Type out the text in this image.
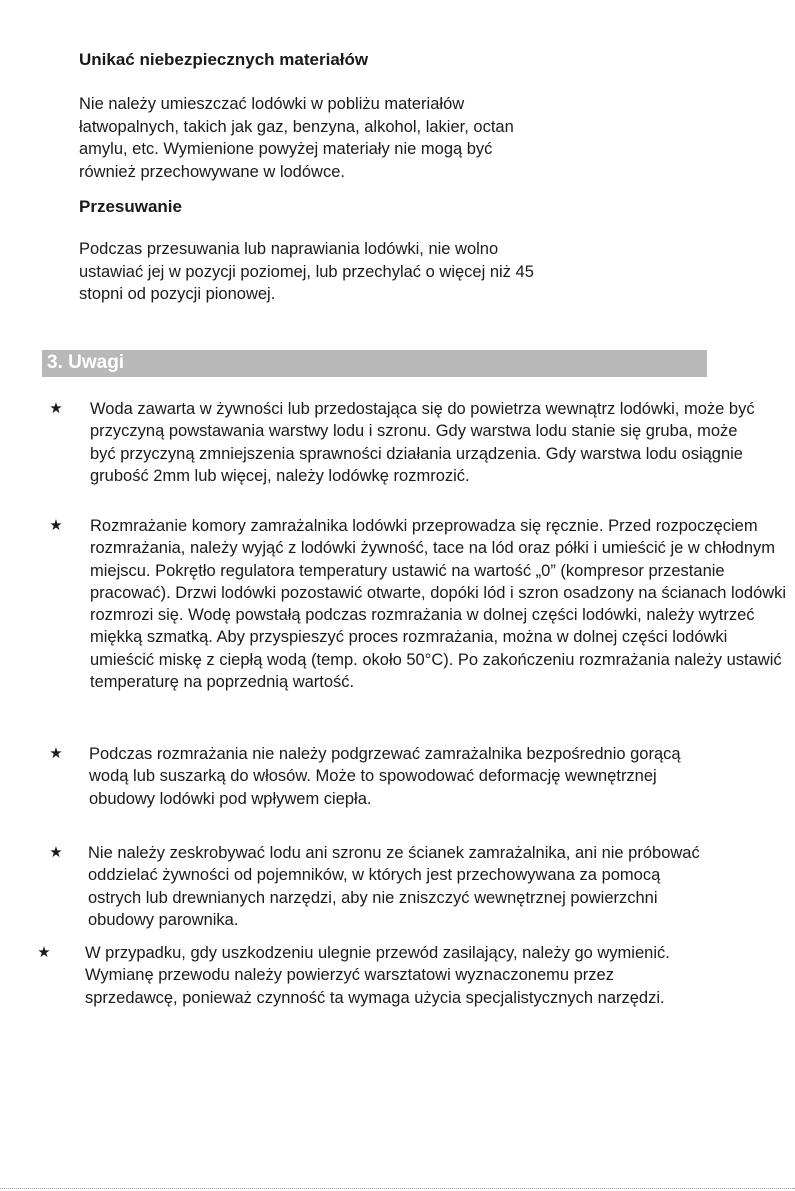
Unikać niebezpiecznych materiałów
Nie należy umieszczać lodówki w pobliżu materiałów łatwopalnych, takich jak gaz, benzyna, alkohol, lakier, octan amylu, etc. Wymienione powyżej materiały nie mogą być również przechowywane w lodówce.
Przesuwanie
Podczas przesuwania lub naprawiania lodówki, nie wolno ustawiać jej w pozycji poziomej, lub przechylać o więcej niż 45 stopni od pozycji pionowej.
3. Uwagi
★ Woda zawarta w żywności lub przedostająca się do powietrza wewnątrz lodówki, może być przyczyną powstawania warstwy lodu i szronu. Gdy warstwa lodu stanie się gruba, może być przyczyną zmniejszenia sprawności działania urządzenia. Gdy warstwa lodu osiągnie grubość 2mm lub więcej, należy lodówkę rozmrozić.
★ Rozmrażanie komory zamrażalnika lodówki przeprowadza się ręcznie. Przed rozpoczęciem rozmrażania, należy wyjąć z lodówki żywność, tace na lód oraz półki i umieścić je w chłodnym miejscu. Pokrętło regulatora temperatury ustawić na wartość „0” (kompresor przestanie pracować). Drzwi lodówki pozostawić otwarte, dopóki lód i szron osadzony na ścianach lodówki rozmrozi się. Wodę powstałą podczas rozmrażania w dolnej części lodówki, należy wytrzeć miękką szmatką. Aby przyspieszyć proces rozmrażania, można w dolnej części lodówki umieścić miskę z ciepłą wodą (temp. około 50°C). Po zakończeniu rozmrażania należy ustawić temperaturę na poprzednią wartość.
★ Podczas rozmrażania nie należy podgrzewać zamrażalnika bezpośrednio gorącą wodą lub suszarką do włosów. Może to spowodować deformację wewnętrznej obudowy lodówki pod wpływem ciepła.
★ Nie należy zeskrobywać lodu ani szronu ze ścianek zamrażalnika, ani nie próbować oddzielać żywności od pojemników, w których jest przechowywana za pomocą ostrych lub drewnianych narzędzi, aby nie zniszczyć wewnętrznej powierzchni obudowy parownika.
★ W przypadku, gdy uszkodzeniu ulegnie przewód zasilający, należy go wymienić. Wymianę przewodu należy powierzyć warsztatowi wyznaczonemu przez sprzedawcę, ponieważ czynność ta wymaga użycia specjalistycznych narzędzi.
